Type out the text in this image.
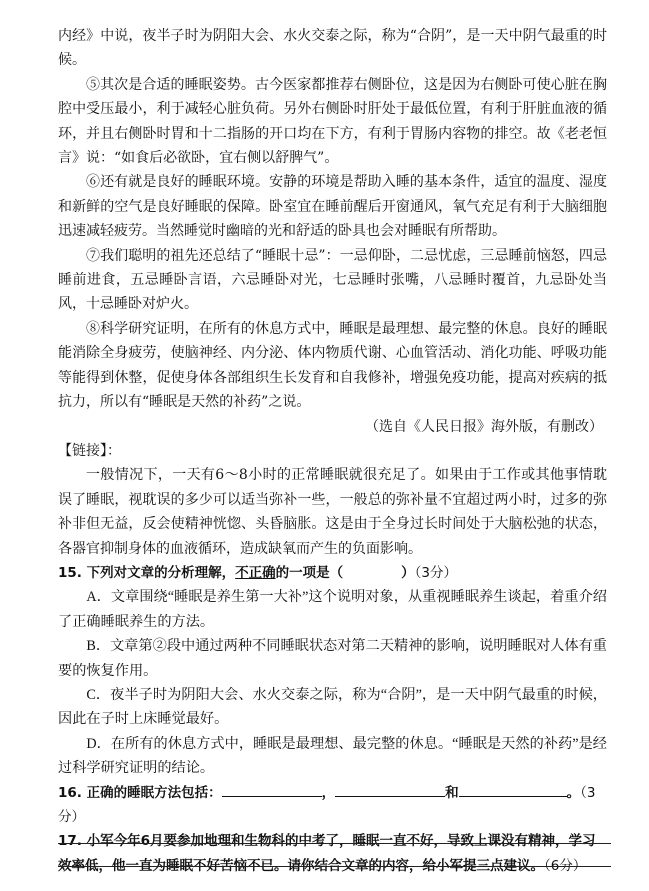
内经》中说，夜半子时为阴阳大会、水火交泰之际，称为“合阴”，是一天中阴气最重的时候。

⑤其次是合适的睡眠姿势。古今医家都推荐右侧卧位，这是因为右侧卧可使心脏在胸腔中受压最小，利于减轻心脏负荷。另外右侧卧时肝处于最低位置，有利于肝脏血液的循环，并且右侧卧时胃和十二指肠的开口均在下方，有利于胃肠内容物的排空。故《老老恒言》说：“如食后必欲卧，宜右侧以舒脾气”。

⑥还有就是良好的睡眠环境。安静的环境是帮助入睡的基本条件，适宜的温度、湿度和新鲜的空气是良好睡眠的保障。卧室宜在睡前醒后开窗通风，氧气充足有利于大脑细胞迅速减轻疲劳。当然睡觉时幽暗的光和舒适的卧具也会对睡眠有所帮助。

⑦我们聪明的祖先还总结了“睡眠十忌”：一忌仰卧，二忌忧虑，三忌睡前恼怒，四忌睡前进食，五忌睡卧言语，六忌睡卧对光，七忌睡时张嘴，八忌睡时覆首，九忌卧处当风，十忌睡卧对炉火。

⑧科学研究证明，在所有的休息方式中，睡眠是最理想、最完整的休息。良好的睡眠能消除全身疲劳，使脑神经、内分泌、体内物质代谢、心血管活动、消化功能、呼吸功能等能得到休整，促使身体各部组织生长发育和自我修补，增强免疫功能，提高对疾病的抵抗力，所以有“睡眠是天然的补药”之说。

（选自《人民日报》海外版，有删改）

【链接】：

一般情况下，一天有6～8小时的正常睡眠就很充足了。如果由于工作或其他事情耽误了睡眠，视耽误的多少可以适当弥补一些，一般总的弥补量不宜超过两小时，过多的弥补非但无益，反会使精神恍惚、头昏脑胀。这是由于全身过长时间处于大脑松弛的状态，各器官抑制身体的血液循环，造成缺氧而产生的负面影响。

15. 下列对文章的分析理解，不正确的一项是（	）（3分）

A．文章围绕“睡眠是养生第一大补”这个说明对象，从重视睡眠养生谈起，着重介绍了正确睡眠养生的方法。

B．文章第②段中通过两种不同睡眠状态对第二天精神的影响，说明睡眠对人体有重要的恢复作用。

C．夜半子时为阴阳大会、水火交泰之际，称为“合阴”，是一天中阴气最重的时候，因此在子时上床睡觉最好。

D．在所有的休息方式中，睡眠是最理想、最完整的休息。“睡眠是天然的补药”是经过科学研究证明的结论。

16. 正确的睡眠方法包括：	，	和	。（3分）

17. 小军今年6月要参加地理和生物科的中考了，睡眠一直不好，导致上课没有精神，学习效率低，他一直为睡眠不好苦恼不已。请你结合文章的内容，给小军提三点建议。（6分）
